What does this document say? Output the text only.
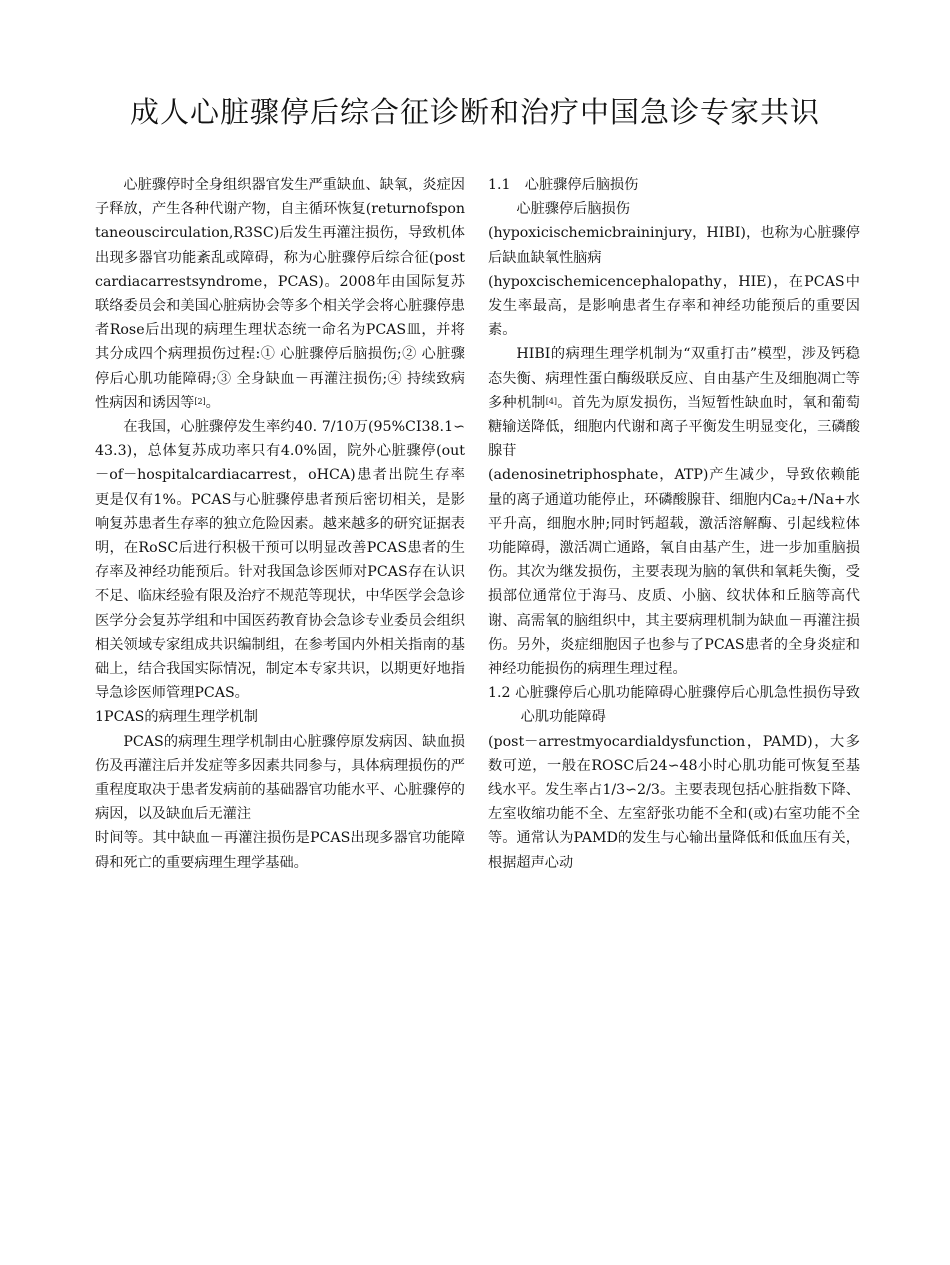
成人心脏骤停后综合征诊断和治疗中国急诊专家共识

心脏骤停时全身组织器官发生严重缺血、缺氧，炎症因子释放，产生各种代谢产物，自主循环恢复(returnofspontaneouscirculation,R3SC)后发生再灌注损伤，导致机体出现多器官功能紊乱或障碍，称为心脏骤停后综合征(postcardiacarrestsyndrome，PCAS)。2008年由国际复苏联络委员会和美国心脏病协会等多个相关学会将心脏骤停患者Rose后出现的病理生理状态统一命名为PCAS皿，并将其分成四个病理损伤过程:① 心脏骤停后脑损伤;② 心脏骤停后心肌功能障碍;③ 全身缺血－再灌注损伤;④ 持续致病性病因和诱因等[2]。

在我国，心脏骤停发生率约40. 7/10万(95%CI38.1∽43.3)，总体复苏成功率只有4.0%固，院外心脏骤停(out－of－hospitalcardiacarrest，oHCA)患者出院生存率更是仅有1%。PCAS与心脏骤停患者预后密切相关，是影响复苏患者生存率的独立危险因素。越来越多的研究证据表明，在RoSC后进行积极干预可以明显改善PCAS患者的生存率及神经功能预后。针对我国急诊医师对PCAS存在认识不足、临床经验有限及治疗不规范等现状，中华医学会急诊医学分会复苏学组和中国医药教育协会急诊专业委员会组织相关领域专家组成共识编制组，在参考国内外相关指南的基础上，结合我国实际情况，制定本专家共识，以期更好地指导急诊医师管理PCAS。

1PCAS的病理生理学机制

PCAS的病理生理学机制由心脏骤停原发病因、缺血损伤及再灌注后并发症等多因素共同参与，具体病理损伤的严重程度取决于患者发病前的基础器官功能水平、心脏骤停的病因，以及缺血后无灌注

时间等。其中缺血－再灌注损伤是PCAS出现多器官功能障碍和死亡的重要病理生理学基础。

1.1　心脏骤停后脑损伤

心脏骤停后脑损伤

(hypoxicischemicbraininjury，HIBI)，也称为心脏骤停后缺血缺氧性脑病

(hypoxcischemicencephalopathy，HIE)，在PCAS中发生率最高，是影响患者生存率和神经功能预后的重要因素。

HIBI的病理生理学机制为“双重打击”模型，涉及钙稳态失衡、病理性蛋白酶级联反应、自由基产生及细胞凋亡等多种机制[4]。首先为原发损伤，当短暂性缺血时，氧和葡萄糖输送降低，细胞内代谢和离子平衡发生明显变化，三磷酸腺苷

(adenosinetriphosphate，ATP)产生减少，导致依赖能量的离子通道功能停止，环磷酸腺苷、细胞内$Ca_2+/Na+$水平升高，细胞水肿;同时钙超载，激活溶解酶、引起线粒体功能障碍，激活凋亡通路，氧自由基产生，进一步加重脑损伤。其次为继发损伤，主要表现为脑的氧供和氧耗失衡，受损部位通常位于海马、皮质、小脑、纹状体和丘脑等高代谢、高需氧的脑组织中，其主要病理机制为缺血－再灌注损伤。另外，炎症细胞因子也参与了PCAS患者的全身炎症和神经功能损伤的病理生理过程。

1.2 心脏骤停后心肌功能障碍心脏骤停后心肌急性损伤导致心肌功能障碍

(post－arrestmyocardialdysfunction，PAMD)，大多数可逆，一般在ROSC后24∽48小时心肌功能可恢复至基线水平。发生率占1/3∽2/3。主要表现包括心脏指数下降、左室收缩功能不全、左室舒张功能不全和(或)右室功能不全等。通常认为PAMD的发生与心输出量降低和低血压有关，根据超声心动
